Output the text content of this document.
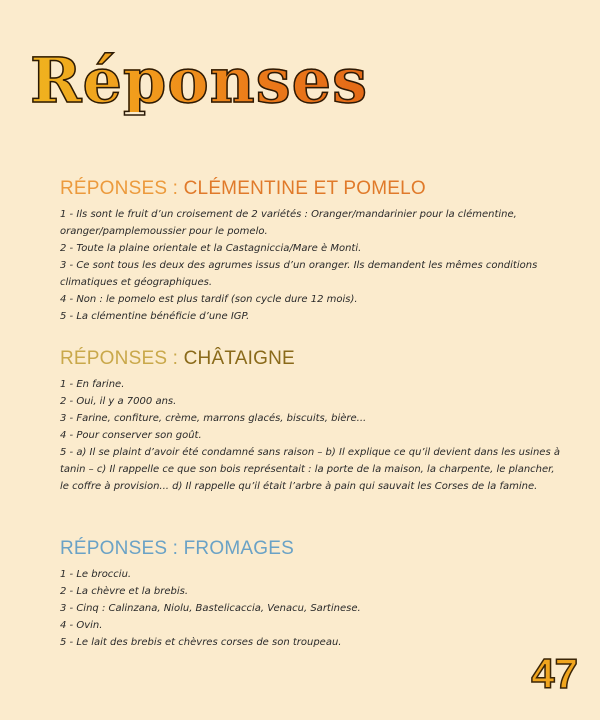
Réponses
RÉPONSES : CLÉMENTINE ET POMELO
1 - Ils sont le fruit d’un croisement de 2 variétés : Oranger/mandarinier pour la clémentine, oranger/pamplemoussier pour le pomelo.
2 - Toute la plaine orientale et la Castagniccia/Mare è Monti.
3 - Ce sont tous les deux des agrumes issus d’un oranger. Ils demandent les mêmes conditions climatiques et géographiques.
4 - Non : le pomelo est plus tardif (son cycle dure 12 mois).
5 - La clémentine bénéficie d’une IGP.
RÉPONSES : CHÂTAIGNE
1 - En farine.
2 - Oui, il y a 7000 ans.
3 - Farine, confiture, crème, marrons glacés, biscuits, bière...
4 - Pour conserver son goût.
5 - a) Il se plaint d’avoir été condamné sans raison – b) Il explique ce qu’il devient dans les usines à tanin – c) Il rappelle ce que son bois représentait : la porte de la maison, la charpente, le plancher, le coffre à provision... d) Il rappelle qu’il était l’arbre à pain qui sauvait les Corses de la famine.
RÉPONSES : FROMAGES
1 - Le brocciu.
2 - La chèvre et la brebis.
3 - Cinq : Calinzana, Niolu, Bastelicaccia, Venacu, Sartinese.
4 - Ovin.
5 - Le lait des brebis et chèvres corses de son troupeau.
47
